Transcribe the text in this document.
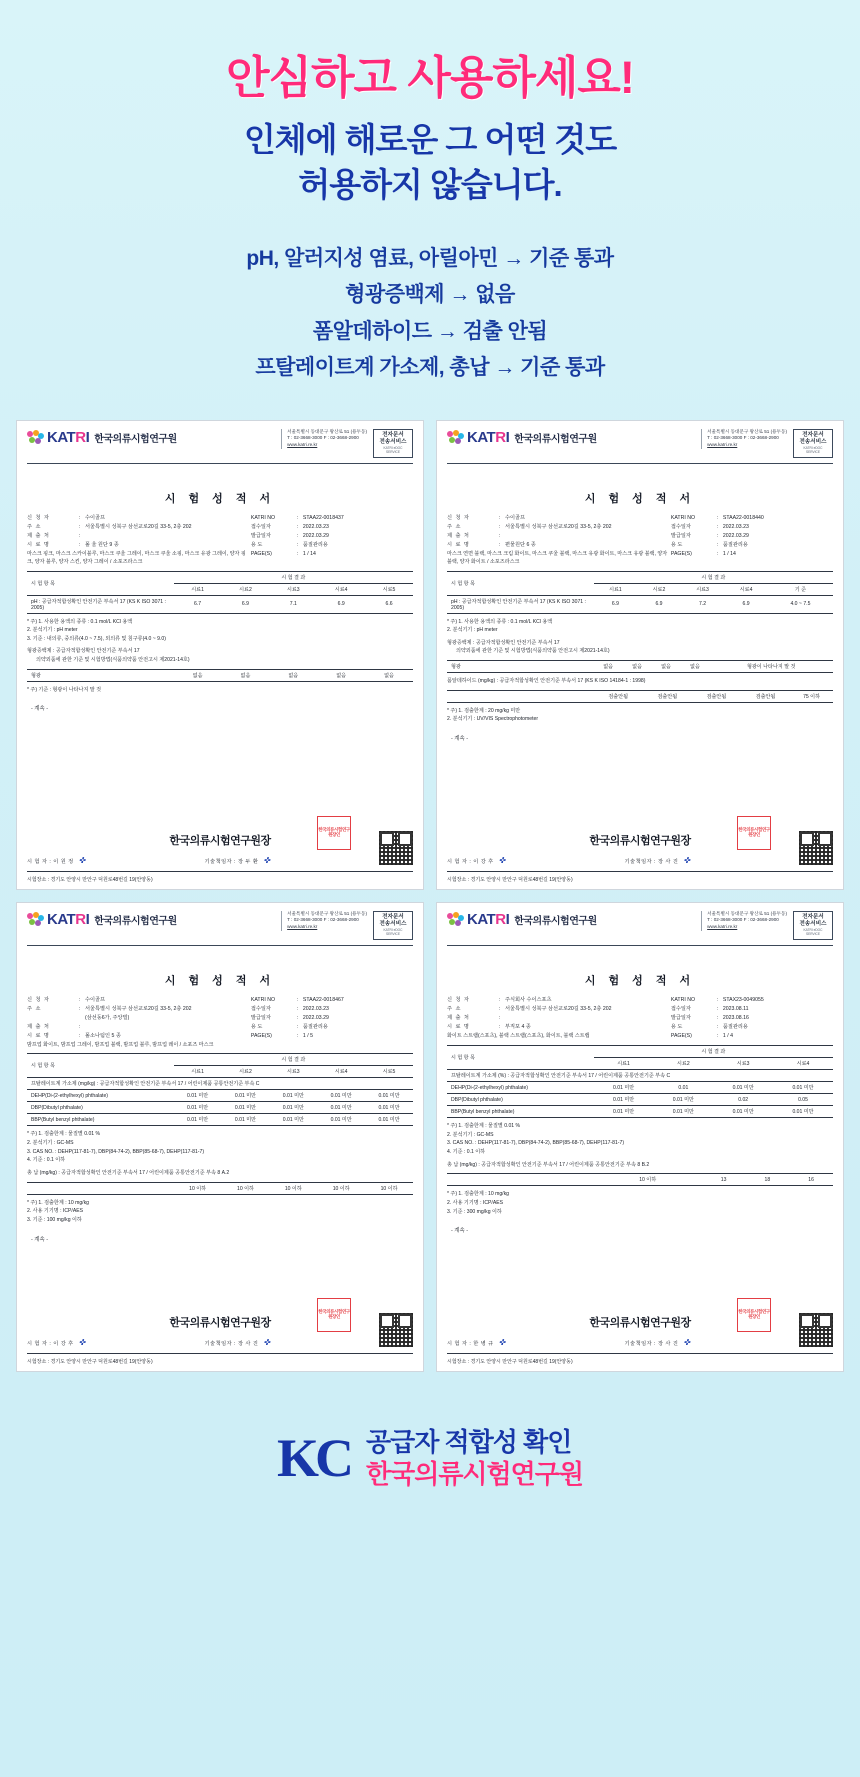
안심하고 사용하세요!
인체에 해로운 그 어떤 것도
허용하지 않습니다.
pH, 알러지성 염료, 아릴아민 → 기준 통과
형광증백제 → 없음
폼알데하이드 → 검출 안됨
프탈레이트계 가소제, 총납 → 기준 통과
KATRI 한국의류시험연구원
서울특별시 동대문구 왕산로 51 (용두동)
T : 02-3668-3000 F : 02-3668-2900
www.katri.re.kr
전자문서
전송서비스
KATRI eDOC SERVICE
시 험 성 적 서
신 청 자	: 수이골프
주 소	: 서울특별시 성북구 삼선교로20길 33-5, 2층 202
제 출 처	:
시 료 명	: 폴 울 원단 9 종
마스크 핑크, 마스크 스카이블루, 마스크 쿠울 그레이, 마스크 쿠울 소핑, 마스크 유광 그레이, 양자 핑크, 양자 블루, 양자 스킨, 양자 그레이 / 소포즈라스크
KATRI NO	: STAA22-0018437
접수일자	: 2022.03.23
발급일자	: 2022.03.29
용 도	: 품질관리용
PAGE(S)	: 1 / 14
시 험 항 목	시 험 결 과				
	시료1	시료2	시료3	시료4	시료5
pH : 공급자적합성확인 안전기준 부속서 17 (KS K ISO 3071 : 2005)	6.7	6.9	7.1	6.9	6.6
* 주) 1. 사용한 용액의 종류 : 0.1 mol/L KCl 용액
2. 분석기기 : pH meter
3. 기준 : 내의류, 중의류(4.0 ~ 7.5), 외의류 및 침구류(4.0 ~ 9.0)
형광증백제 : 공급자적합성확인 안전기준 부속서 17
의약외품에 관한 기준 및 시험방법(식품의약품 안전고시 제2021-14호)
형광	없음	없음	없음	없음	없음
* 주) 기준 : 형광이 나타나지 말 것
- 계속 -
한국의류시험연구원장
한국의류시험연구원장인
시 험 자 : 이 원 정 ✜	기술책임자 : 장 두 환 ✜
시험장소 : 경기도 안양시 만안구 덕원로48번길 19(안양동)
KATRI 한국의류시험연구원
서울특별시 동대문구 왕산로 51 (용두동)
T : 02-3668-3000 F : 02-3668-2900
www.katri.re.kr
전자문서
전송서비스
KATRI eDOC SERVICE
시 험 성 적 서
신 청 자	: 수이골프
주 소	: 서울특별시 성북구 삼선교로20길 33-5, 2층 202
제 출 처	:
시 료 명	: 편물원단 6 종
마스크 연면 블랙, 마스크 크림 화이트, 마스크 쿠울 블랙, 마스크 유광 화이트, 마스크 유광 블랙, 양자 블랙, 양자 화이트 / 소포즈라스크
KATRI NO	: STAA22-0018440
접수일자	: 2022.03.23
발급일자	: 2022.03.29
용 도	: 품질관리용
PAGE(S)	: 1 / 14
시 험 항 목	시 험 결 과				
	시료1	시료2	시료3	시료4	기 준
pH : 공급자적합성확인 안전기준 부속서 17 (KS K ISO 3071 : 2005)	6.9	6.9	7.2	6.9	4.0 ~ 7.5
* 주) 1. 사용한 용액의 종류 : 0.1 mol/L KCl 용액
2. 분석기기 : pH meter
형광증백제 : 공급자적합성확인 안전기준 부속서 17
의약외품에 관한 기준 및 시험방법(식품의약품 안전고시 제2021-14호)
형광	없음	없음	없음	없음	형광이 나타나지 말 것
폼알데하이드 (mg/kg) : 공급자적합성확인 안전기준 부속서 17 (KS K ISO 14184-1 : 1998)
	검출안됨	검출안됨	검출안됨	검출안됨	75 이하
* 주) 1. 검출한계 : 20 mg/kg 미만
2. 분석기기 : UV/VIS Spectrophotometer
- 계속 -
한국의류시험연구원장
한국의류시험연구원장인
시 험 자 : 이 강 후 ✜	기술책임자 : 장 사 진 ✜
시험장소 : 경기도 안양시 만안구 덕원로48번길 19(안양동)
KATRI 한국의류시험연구원
서울특별시 동대문구 왕산로 51 (용두동)
T : 02-3668-3000 F : 02-3668-2900
www.katri.re.kr
전자문서
전송서비스
KATRI eDOC SERVICE
시 험 성 적 서
신 청 자	: 수이골프
주 소	: 서울특별시 성북구 삼선교로20길 33-5, 2층 202
(삼선동6가, 주앙빌)
제 출 처	:
시 료 명	: 폴소나팀인 5 종
밤프업 화이트, 밤프업 그레이, 밤프업 블랙, 밤프업 블루, 밤프업 레이 / 소포즈 마스크
KATRI NO	: STAA22-0018467
접수일자	: 2022.03.23
발급일자	: 2022.03.29
용 도	: 품질관리용
PAGE(S)	: 1 / 5
시 험 항 목	시 험 결 과				
	시료1	시료2	시료3	시료4	시료5
프탈레이트계 가소제 (mg/kg) : 공급자적합성확인 안전기준 부속서 17 / 어린이제품 공통안전기준 부속 C					
DEHP(Di-(2-ethylhexyl) phthalate)	0.01 미만	0.01 미만	0.01 미만	0.01 미만	0.01 미만
DBP(Dibutyl phthalate)	0.01 미만	0.01 미만	0.01 미만	0.01 미만	0.01 미만
BBP(Butyl benzyl phthalate)	0.01 미만	0.01 미만	0.01 미만	0.01 미만	0.01 미만
* 주) 1. 검출한계 : 물질별 0.01 %
2. 분석기기 : GC-MS
3. CAS NO. : DEHP(117-81-7), DBP(84-74-2), BBP(85-68-7), DEHP(117-81-7)
4. 기준 : 0.1 이하
총 납 (mg/kg) : 공급자적합성확인 안전기준 부속서 17 / 어린이제품 공통안전기준 부속 8 A.2
	10 이하	10 이하	10 이하	10 이하	10 이하
* 주) 1. 검출한계 : 10 mg/kg
2. 사용 기기명 : ICP/AES
3. 기준 : 100 mg/kg 이하
- 계속 -
한국의류시험연구원장
한국의류시험연구원장인
시 험 자 : 이 강 후 ✜	기술책임자 : 장 사 진 ✜
시험장소 : 경기도 안양시 만안구 덕원로48번길 19(안양동)
KATRI 한국의류시험연구원
서울특별시 동대문구 왕산로 51 (용두동)
T : 02-3668-3000 F : 02-3668-2900
www.katri.re.kr
전자문서
전송서비스
KATRI eDOC SERVICE
시 험 성 적 서
신 청 자	: 주식회사 수이스포츠
주 소	: 서울특별시 성북구 삼선교로20길 33-5, 2층 202
제 출 처	:
시 료 명	: 부직포 4 종
화이트 스트랩(스포츠), 블랙 스트랩(스포츠), 화이트, 블랙 스트랩
KATRI NO	: STAX23-0049055
접수일자	: 2023.08.11
발급일자	: 2023.08.16
용 도	: 품질관리용
PAGE(S)	: 1 / 4
시 험 항 목	시 험 결 과			
	시료1	시료2	시료3	시료4
프탈레이트계 가소제 (%) : 공급자적합성확인 안전기준 부속서 17 / 어린이제품 공통안전기준 부속 C				
DEHP(Di-(2-ethylhexyl) phthalate)	0.01 미만	0.01	0.01 미만	0.01 미만
DBP(Dibutyl phthalate)	0.01 미만	0.01 미만	0.02	0.05
BBP(Butyl benzyl phthalate)	0.01 미만	0.01 미만	0.01 미만	0.01 미만
* 주) 1. 검출한계 : 물질별 0.01 %
2. 분석기기 : GC-MS
3. CAS NO. : DEHP(117-81-7), DBP(84-74-2), BBP(85-68-7), DEHP(117-81-7)
4. 기준 : 0.1 이하
총 납 (mg/kg) : 공급자적합성확인 안전기준 부속서 17 / 어린이제품 공통안전기준 부속 8 B.2
	10 이하	13	18	16
* 주) 1. 검출한계 : 10 mg/kg
2. 사용 기기명 : ICP/AES
3. 기준 : 300 mg/kg 이하
- 계속 -
한국의류시험연구원장
한국의류시험연구원장인
시 험 자 : 한 병 규 ✜	기술책임자 : 장 사 진 ✜
시험장소 : 경기도 안양시 만안구 덕원로48번길 19(안양동)
KC 공급자 적합성 확인
한국의류시험연구원
